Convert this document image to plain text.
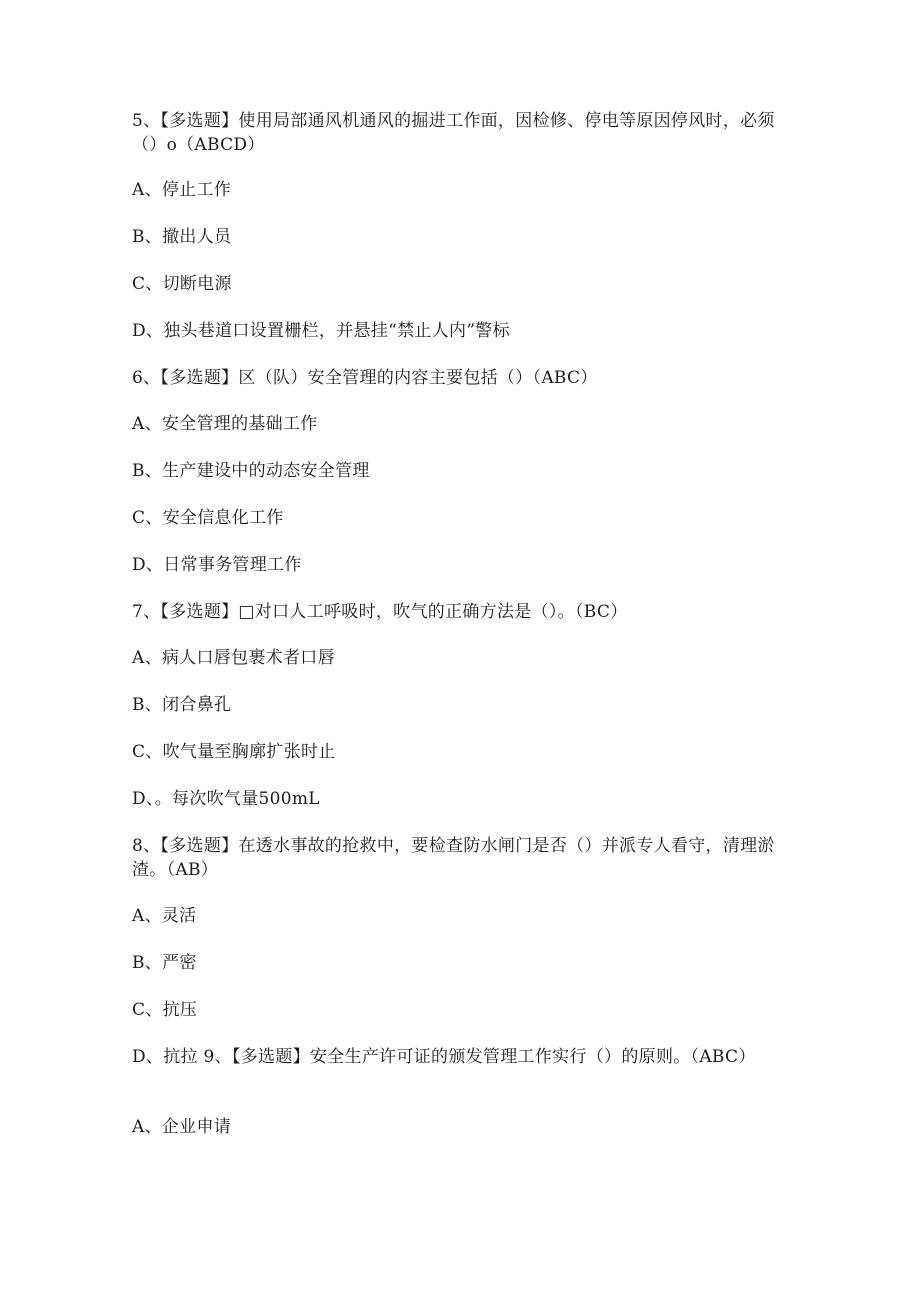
5、【多选题】使用局部通风机通风的掘进工作面，因检修、停电等原因停风时，必须（）o（ABCD）
A、停止工作
B、撤出人员
C、切断电源
D、独头巷道口设置栅栏，并悬挂“禁止人内”警标
6、【多选题】区（队）安全管理的内容主要包括（）（ABC）
A、安全管理的基础工作
B、生产建设中的动态安全管理
C、安全信息化工作
D、日常事务管理工作
7、【多选题】□对口人工呼吸时，吹气的正确方法是（）。（BC）
A、病人口唇包裹术者口唇
B、闭合鼻孔
C、吹气量至胸廓扩张时止
D、。每次吹气量500mL
8、【多选题】在透水事故的抢救中，要检查防水闸门是否（）并派专人看守，清理淤渣。（AB）
A、灵活
B、严密
C、抗压
D、抗拉 9、【多选题】安全生产许可证的颁发管理工作实行（）的原则。（ABC）
A、企业申请
